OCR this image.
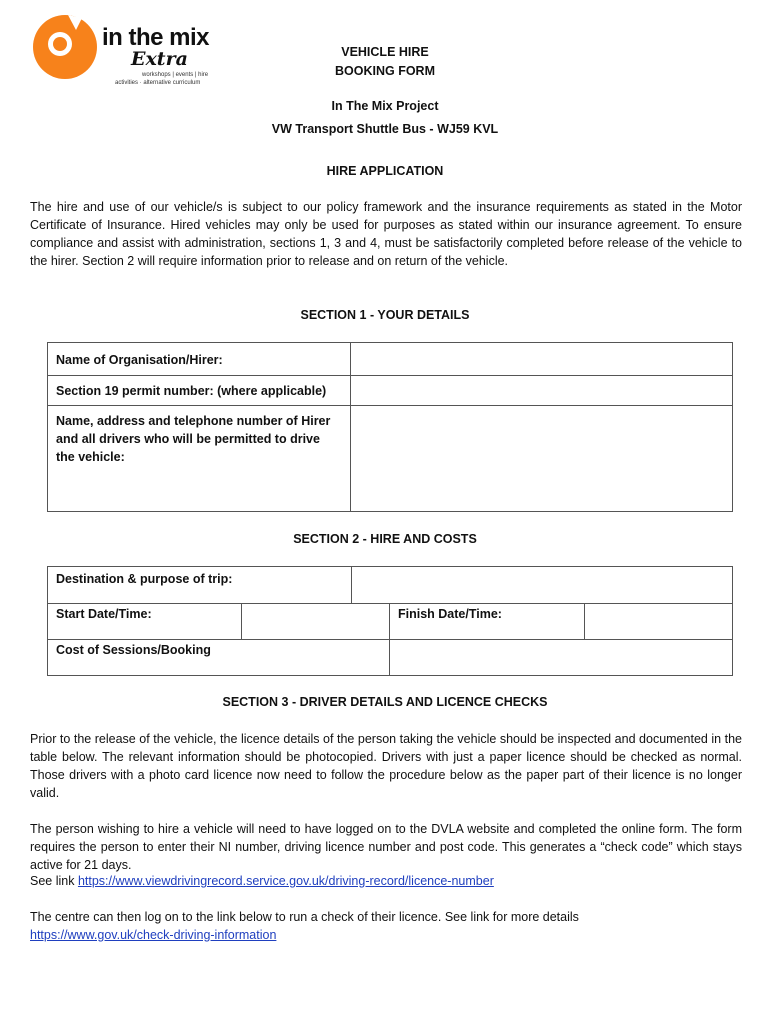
in the mix
Extra
workshops | events | hire
activities · alternative curriculum
VEHICLE HIRE
BOOKING FORM
In The Mix Project
VW Transport Shuttle Bus - WJ59 KVL
HIRE APPLICATION

The hire and use of our vehicle/s is subject to our policy framework and the insurance requirements as stated in the Motor Certificate of Insurance. Hired vehicles may only be used for purposes as stated within our insurance agreement. To ensure compliance and assist with administration, sections 1, 3 and 4, must be satisfactorily completed before release of the vehicle to the hirer. Section 2 will require information prior to release and on return of the vehicle.

SECTION 1 - YOUR DETAILS
Name of Organisation/Hirer:
Section 19 permit number: (where applicable)
Name, address and telephone number of Hirer and all drivers who will be permitted to drive the vehicle:
SECTION 2 - HIRE AND COSTS
Destination & purpose of trip:
Start Date/Time:	Finish Date/Time:
Cost of Sessions/Booking
SECTION 3 - DRIVER DETAILS AND LICENCE CHECKS

Prior to the release of the vehicle, the licence details of the person taking the vehicle should be inspected and documented in the table below. The relevant information should be photocopied. Drivers with just a paper licence should be checked as normal. Those drivers with a photo card licence now need to follow the procedure below as the paper part of their licence is no longer valid.

The person wishing to hire a vehicle will need to have logged on to the DVLA website and completed the online form. The form requires the person to enter their NI number, driving licence number and post code. This generates a “check code” which stays active for 21 days.

See link https://www.viewdrivingrecord.service.gov.uk/driving-record/licence-number

The centre can then log on to the link below to run a check of their licence. See link for more details

https://www.gov.uk/check-driving-information
